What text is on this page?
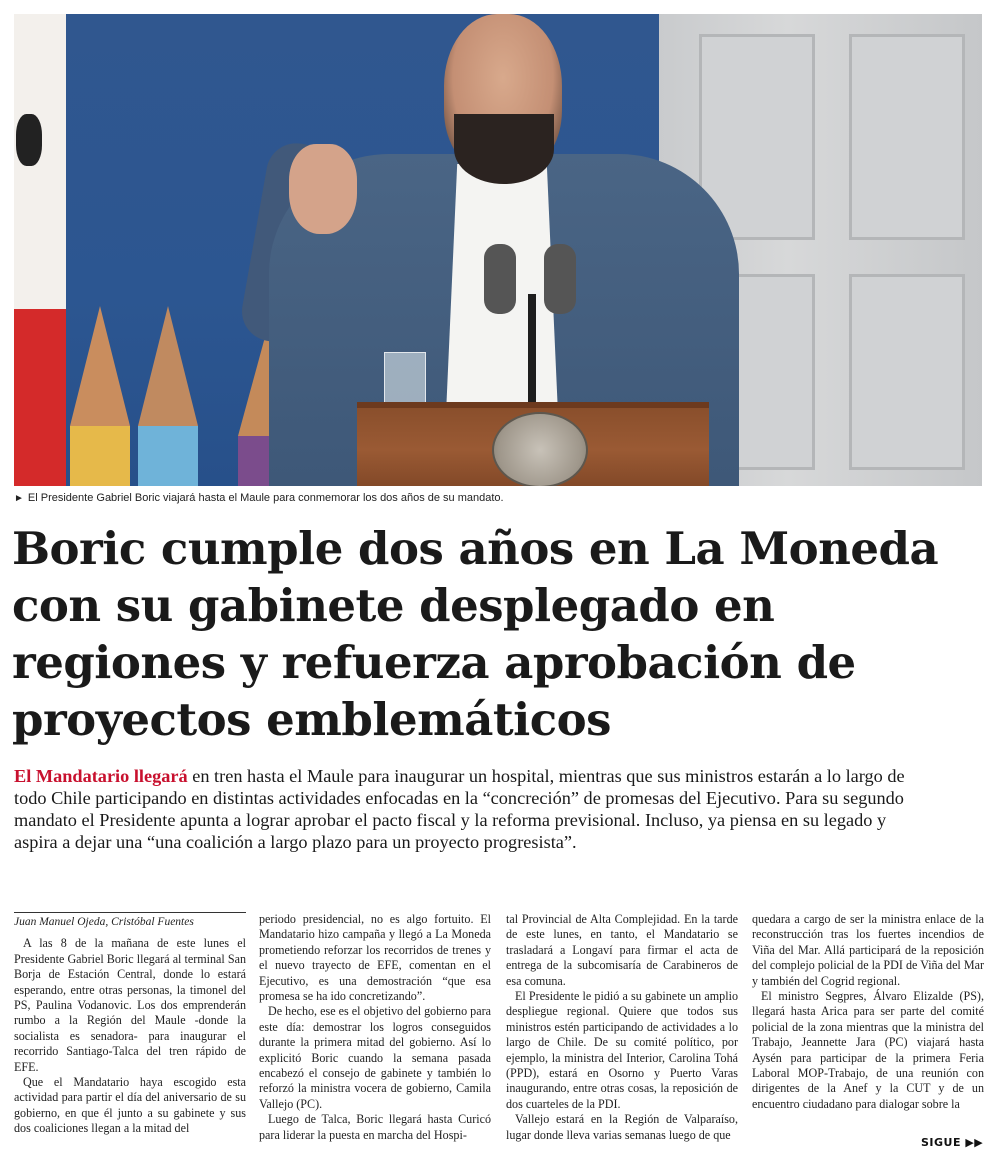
► El Presidente Gabriel Boric viajará hasta el Maule para conmemorar los dos años de su mandato.
Boric cumple dos años en La Moneda con su gabinete desplegado en regiones y refuerza aprobación de proyectos emblemáticos

El Mandatario llegará en tren hasta el Maule para inaugurar un hospital, mientras que sus ministros estarán a lo largo de todo Chile participando en distintas actividades enfocadas en la “concreción” de promesas del Ejecutivo. Para su segundo mandato el Presidente apunta a lograr aprobar el pacto fiscal y la reforma previsional. Incluso, ya piensa en su legado y aspira a dejar una “una coalición a largo plazo para un proyecto progresista”.

Juan Manuel Ojeda, Cristóbal Fuentes

A las 8 de la mañana de este lunes el Presidente Gabriel Boric llegará al terminal San Borja de Estación Central, donde lo estará esperando, entre otras personas, la timonel del PS, Paulina Vodanovic. Los dos emprenderán rumbo a la Región del Maule -donde la socialista es senadora- para inaugurar el recorrido Santiago-Talca del tren rápido de EFE.

Que el Mandatario haya escogido esta actividad para partir el día del aniversario de su gobierno, en que él junto a su gabinete y sus dos coaliciones llegan a la mitad del

periodo presidencial, no es algo fortuito. El Mandatario hizo campaña y llegó a La Moneda prometiendo reforzar los recorridos de trenes y el nuevo trayecto de EFE, comentan en el Ejecutivo, es una demostración “que esa promesa se ha ido concretizando”.

De hecho, ese es el objetivo del gobierno para este día: demostrar los logros conseguidos durante la primera mitad del gobierno. Así lo explicitó Boric cuando la semana pasada encabezó el consejo de gabinete y también lo reforzó la ministra vocera de gobierno, Camila Vallejo (PC).

Luego de Talca, Boric llegará hasta Curicó para liderar la puesta en marcha del Hospi-

tal Provincial de Alta Complejidad. En la tarde de este lunes, en tanto, el Mandatario se trasladará a Longaví para firmar el acta de entrega de la subcomisaría de Carabineros de esa comuna.

El Presidente le pidió a su gabinete un amplio despliegue regional. Quiere que todos sus ministros estén participando de actividades a lo largo de Chile. De su comité político, por ejemplo, la ministra del Interior, Carolina Tohá (PPD), estará en Osorno y Puerto Varas inaugurando, entre otras cosas, la reposición de dos cuarteles de la PDI.

Vallejo estará en la Región de Valparaíso, lugar donde lleva varias semanas luego de que

quedara a cargo de ser la ministra enlace de la reconstrucción tras los fuertes incendios de Viña del Mar. Allá participará de la reposición del complejo policial de la PDI de Viña del Mar y también del Cogrid regional.

El ministro Segpres, Álvaro Elizalde (PS), llegará hasta Arica para ser parte del comité policial de la zona mientras que la ministra del Trabajo, Jeannette Jara (PC) viajará hasta Aysén para participar de la primera Feria Laboral MOP-Trabajo, de una reunión con dirigentes de la Anef y la CUT y de un encuentro ciudadano para dialogar sobre la

SIGUE ▶▶
